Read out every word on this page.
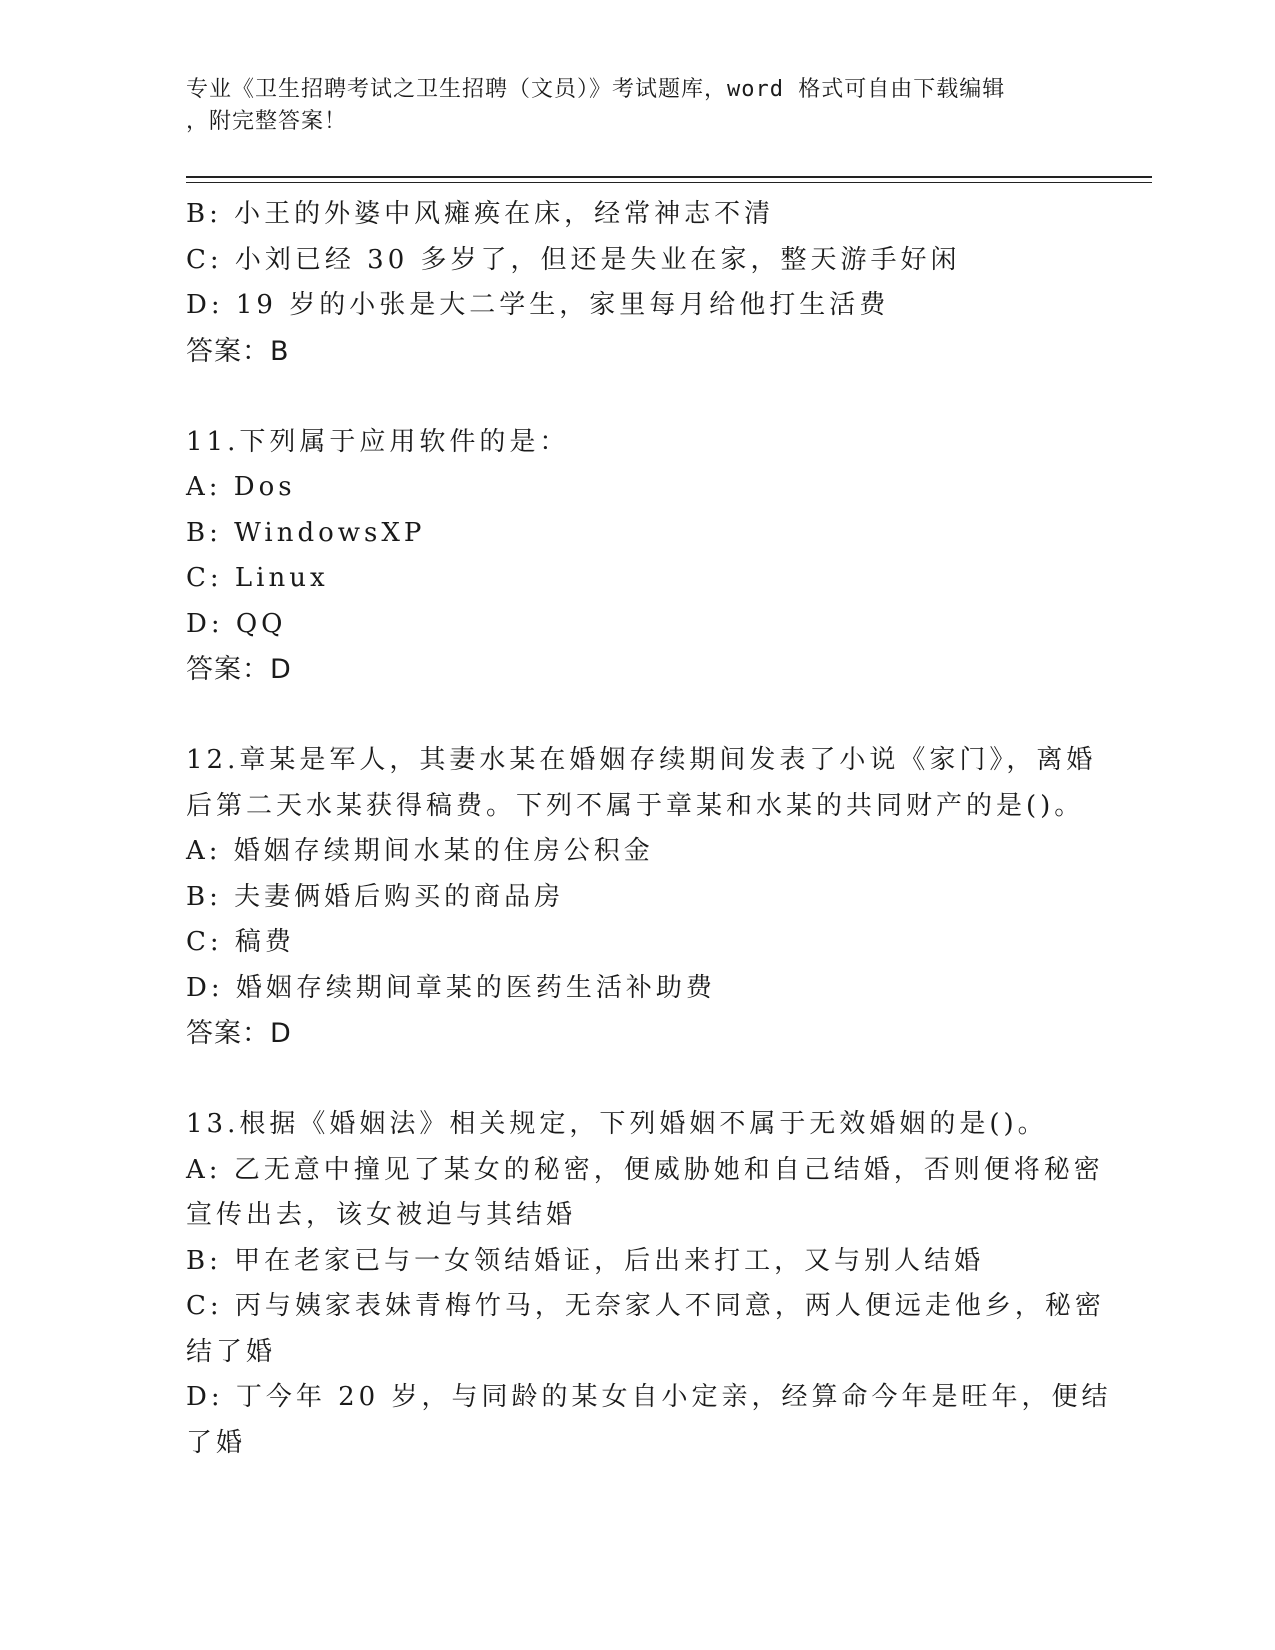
专业《卫生招聘考试之卫生招聘（文员）》考试题库，word 格式可自由下载编辑
，附完整答案！
B: 小王的外婆中风瘫痪在床，经常神志不清
C: 小刘已经 30 多岁了，但还是失业在家，整天游手好闲
D: 19 岁的小张是大二学生，家里每月给他打生活费
答案：B
11.下列属于应用软件的是：
A: Dos
B: WindowsXP
C: Linux
D: QQ
答案：D
12.章某是军人，其妻水某在婚姻存续期间发表了小说《家门》，离婚
后第二天水某获得稿费。下列不属于章某和水某的共同财产的是()。
A: 婚姻存续期间水某的住房公积金
B: 夫妻俩婚后购买的商品房
C: 稿费
D: 婚姻存续期间章某的医药生活补助费
答案：D
13.根据《婚姻法》相关规定，下列婚姻不属于无效婚姻的是()。
A: 乙无意中撞见了某女的秘密，便威胁她和自己结婚，否则便将秘密
宣传出去，该女被迫与其结婚
B: 甲在老家已与一女领结婚证，后出来打工，又与别人结婚
C: 丙与姨家表妹青梅竹马，无奈家人不同意，两人便远走他乡，秘密
结了婚
D: 丁今年 20 岁，与同龄的某女自小定亲，经算命今年是旺年，便结
了婚
